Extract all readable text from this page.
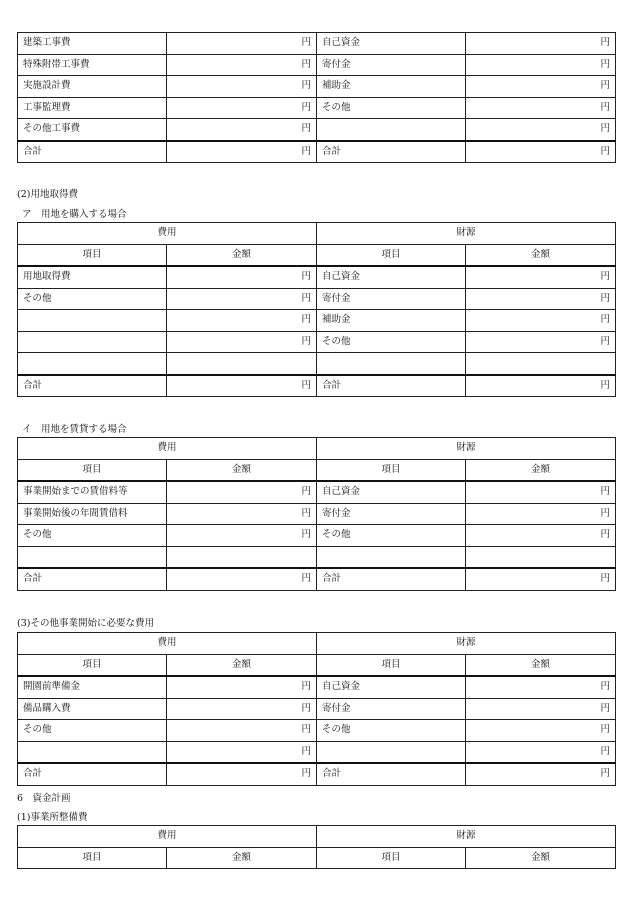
建築工事費	円	自己資金	円
特殊附帯工事費	円	寄付金	円
実施設計費	円	補助金	円
工事監理費	円	その他	円
その他工事費	円		円
合計	円	合計	円
(2)用地取得費
ア　用地を購入する場合
費用		財源	
項目	金額	項目	金額
用地取得費	円	自己資金	円
その他	円	寄付金	円
	円	補助金	円
	円	その他	円

合計	円	合計	円
イ　用地を賃貸する場合
費用		財源	
項目	金額	項目	金額
事業開始までの賃借料等	円	自己資金	円
事業開始後の年間賃借料	円	寄付金	円
その他	円	その他	円

合計	円	合計	円
(3)その他事業開始に必要な費用
費用		財源	
項目	金額	項目	金額
開園前準備金	円	自己資金	円
備品購入費	円	寄付金	円
その他	円	その他	円
	円		円
合計	円	合計	円
6　資金計画
(1)事業所整備費
費用		財源	
項目	金額	項目	金額
